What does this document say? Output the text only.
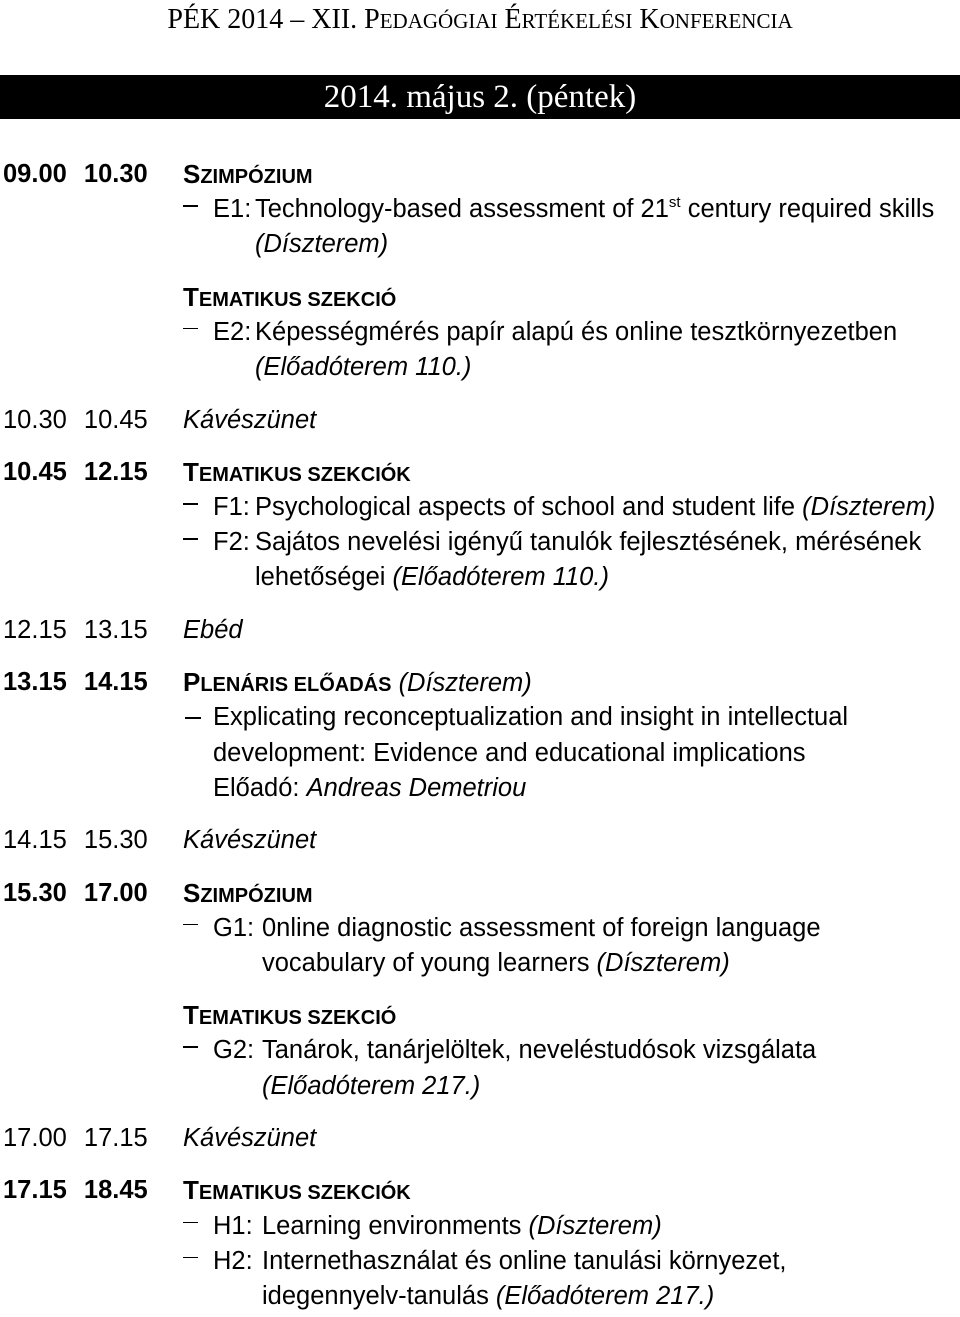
PÉK 2014 – XII. PEDAGÓGIAI ÉRTÉKELÉSI KONFERENCIA
2014. május 2. (péntek)
09.00 10.30 SZIMPÓZIUM
E1: Technology-based assessment of 21st century required skills
(Díszterem)
TEMATIKUS SZEKCIÓ
E2: Képességmérés papír alapú és online tesztkörnyezetben
(Előadóterem 110.)
10.30 10.45 Kávészünet
10.45 12.15 TEMATIKUS SZEKCIÓK
F1: Psychological aspects of school and student life (Díszterem)
F2: Sajátos nevelési igényű tanulók fejlesztésének, mérésének
lehetőségei (Előadóterem 110.)
12.15 13.15 Ebéd
13.15 14.15 PLENÁRIS ELŐADÁS (Díszterem)
Explicating reconceptualization and insight in intellectual
development: Evidence and educational implications
Előadó: Andreas Demetriou
14.15 15.30 Kávészünet
15.30 17.00 SZIMPÓZIUM
G1: 0nline diagnostic assessment of foreign language
vocabulary of young learners (Díszterem)
TEMATIKUS SZEKCIÓ
G2: Tanárok, tanárjelöltek, neveléstudósok vizsgálata
(Előadóterem 217.)
17.00 17.15 Kávészünet
17.15 18.45 TEMATIKUS SZEKCIÓK
H1: Learning environments (Díszterem)
H2: Internethasználat és online tanulási környezet,
idegennyelv-tanulás (Előadóterem 217.)
